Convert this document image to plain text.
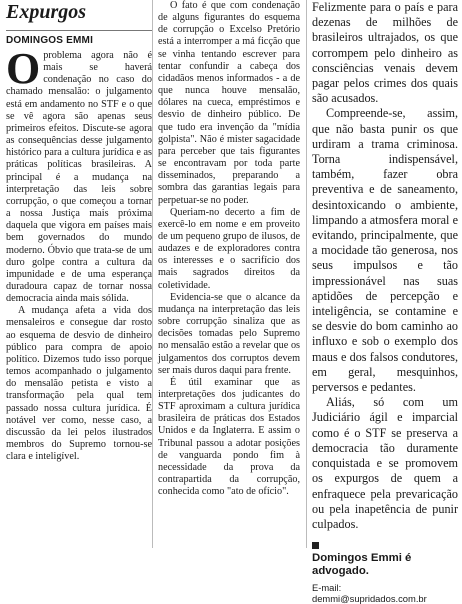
Expurgos
DOMINGOS EMMI

Oproblema agora não é mais se haverá condenação no caso do chamado mensalão: o julgamento está em andamento no STF e o que se vê agora são apenas seus primeiros efeitos. Discute-se agora as consequências desse julgamento histórico para a cultura jurídica e as práticas políticas brasileiras. A principal é a mudança na interpretação das leis sobre corrupção, o que começou a tornar a nossa Justiça mais próxima daquela que vigora em países mais bem governados do mundo moderno. Óbvio que trata-se de um duro golpe contra a cultura da impunidade e de uma esperança duradoura capaz de tornar nossa democracia ainda mais sólida.

A mudança afeta a vida dos mensaleiros e consegue dar rosto ao esquema de desvio de dinheiro público para compra de apoio político. Dizemos tudo isso porque temos acompanhado o julgamento do mensalão petista e visto a transformação pela qual tem passado nossa cultura jurídica. É notável ver como, nesse caso, a discussão da lei pelos ilustrados membros do Supremo tornou-se clara e inteligível.

O fato é que com condenação de alguns figurantes do esquema de corrupção o Excelso Pretório está a interromper a má ficção que se vinha tentando escrever para tentar confundir a cabeça dos cidadãos menos informados - a de que nunca houve mensalão, dólares na cueca, empréstimos e desvio de dinheiro público. De que tudo era invenção da "mídia golpista". Não é mister sagacidade para perceber que tais figurantes se encontravam por toda parte disseminados, preparando a sombra das garantias legais para perpetuar-se no poder.

Queriam-no decerto a fim de exercê-lo em nome e em proveito de um pequeno grupo de ilusos, de audazes e de exploradores contra os interesses e o sacrifício dos mais sagrados direitos da coletividade.

Evidencia-se que o alcance da mudança na interpretação das leis sobre corrupção sinaliza que as decisões tomadas pelo Supremo no mensalão estão a revelar que os julgamentos dos corruptos devem ser mais duros daqui para frente.

É útil examinar que as interpretações dos judicantes do STF aproximam a cultura jurídica brasileira de práticas dos Estados Unidos e da Inglaterra. E assim o Tribunal passou a adotar posições de vanguarda pondo fim à necessidade da prova da contrapartida da corrupção, conhecida como "ato de ofício".

Felizmente para o país e para dezenas de milhões de brasileiros ultrajados, os que corrompem pelo dinheiro as consciências venais devem pagar pelos crimes dos quais são acusados.

Compreende-se, assim, que não basta punir os que urdiram a trama criminosa. Torna indispensável, também, fazer obra preventiva e de saneamento, desintoxicando o ambiente, limpando a atmosfera moral e evitando, principalmente, que a mocidade tão generosa, nos seus impulsos e tão impressionável nas suas aptidões de percepção e inteligência, se contamine e se desvie do bom caminho ao influxo e sob o exemplo dos maus e dos falsos condutores, em geral, mesquinhos, perversos e pedantes.

Aliás, só com um Judiciário ágil e imparcial como é o STF se preserva a democracia tão duramente conquistada e se promovem os expurgos de quem a enfraquece pela prevaricação ou pela inapetência de punir culpados.

Domingos Emmi é advogado.
E-mail: demmi@supridados.com.br
